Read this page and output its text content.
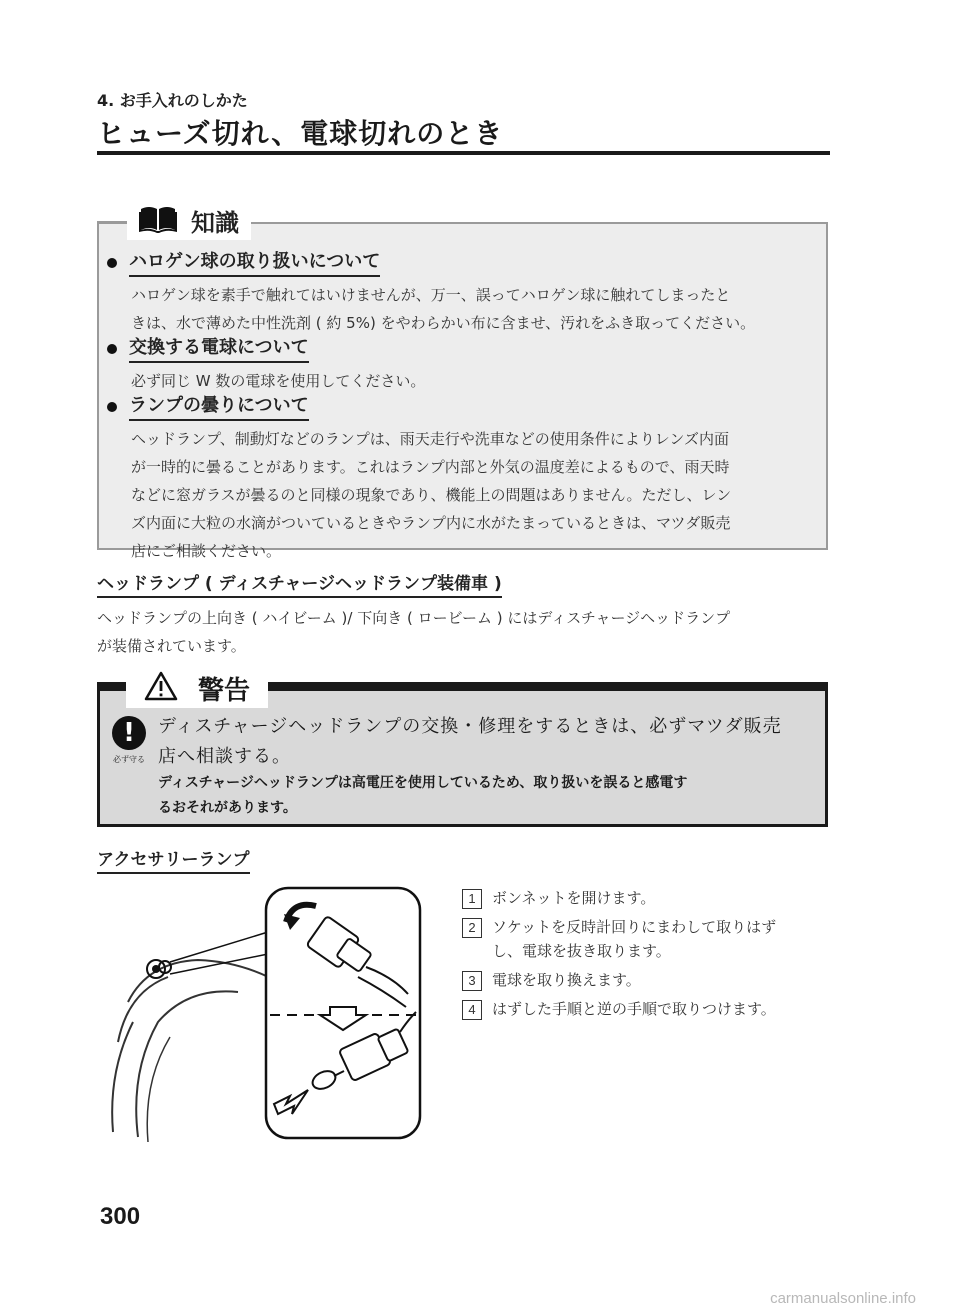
4. お手入れのしかた
ヒューズ切れ、電球切れのとき
知識
ハロゲン球の取り扱いについて
ハロゲン球を素手で触れてはいけませんが、万一、誤ってハロゲン球に触れてしまったと
きは、水で薄めた中性洗剤 ( 約 5%) をやわらかい布に含ませ、汚れをふき取ってください。
交換する電球について
必ず同じ W 数の電球を使用してください。
ランプの曇りについて
ヘッドランプ、制動灯などのランプは、雨天走行や洗車などの使用条件によりレンズ内面
が一時的に曇ることがあります。これはランプ内部と外気の温度差によるもので、雨天時
などに窓ガラスが曇るのと同様の現象であり、機能上の問題はありません。ただし、レン
ズ内面に大粒の水滴がついているときやランプ内に水がたまっているときは、マツダ販売
店にご相談ください。
ヘッドランプ ( ディスチャージヘッドランプ装備車 )
ヘッドランプの上向き ( ハイビーム )/ 下向き ( ロービーム ) にはディスチャージヘッドランプ
が装備されています。
警告
!
必ず守る
ディスチャージヘッドランプの交換・修理をするときは、必ずマツダ販売
店へ相談する。
ディスチャージヘッドランプは高電圧を使用しているため、取り扱いを誤ると感電す
るおそれがあります。
アクセサリーランプ
1	ボンネットを開けます。
2	ソケットを反時計回りにまわして取りはず
し、電球を抜き取ります。
3	電球を取り換えます。
4	はずした手順と逆の手順で取りつけます。
300
carmanualsonline.info
